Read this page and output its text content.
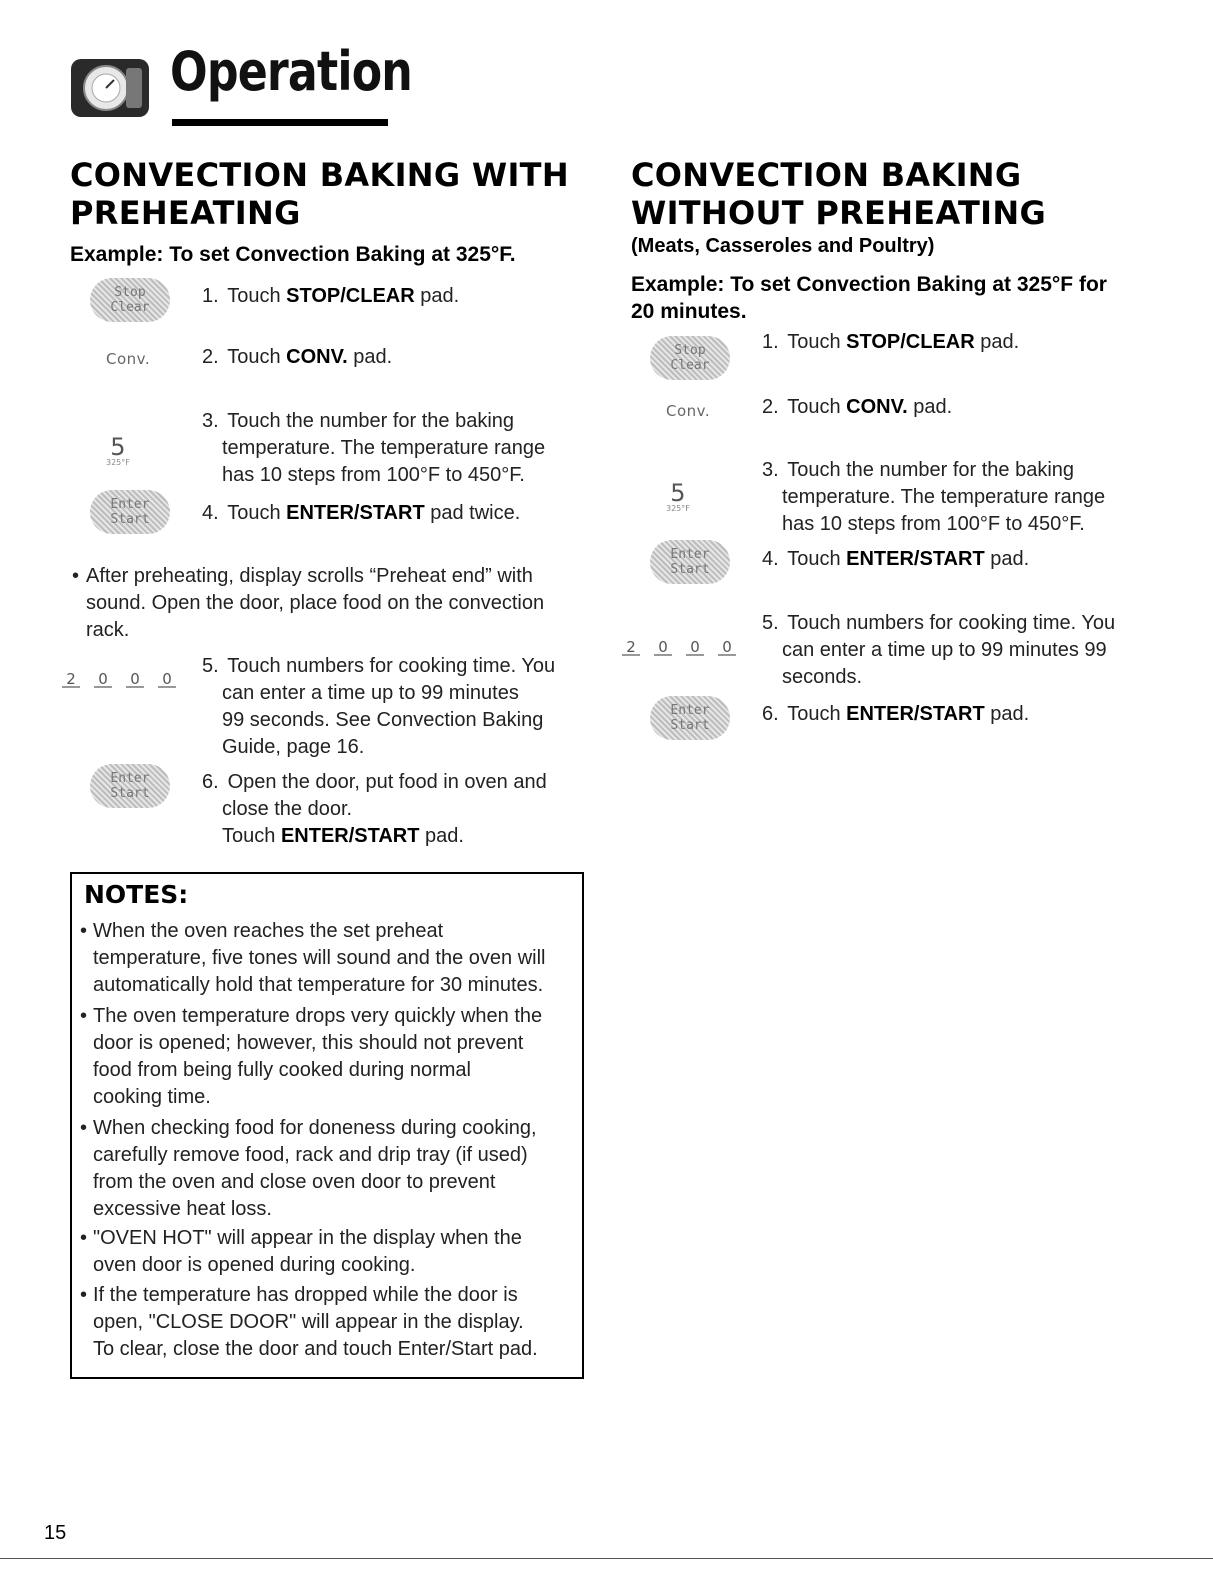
Operation
CONVECTION BAKING WITH
PREHEATING
Example: To set Convection Baking at 325°F.
Stop
Clear
1. Touch STOP/CLEAR pad.
Conv.	2. Touch CONV. pad.
5
325°F
3. Touch the number for the baking
temperature. The temperature range
has 10 steps from 100°F to 450°F.
Enter
Start	4. Touch ENTER/START pad twice.
• After preheating, display scrolls “Preheat end” with
sound. Open the door, place food on the convection
rack.
2 0 0 0
5. Touch numbers for cooking time. You
can enter a time up to 99 minutes
99 seconds. See Convection Baking
Guide, page 16.
Enter
Start
6. Open the door, put food in oven and
close the door.
Touch ENTER/START pad.
NOTES:
• When the oven reaches the set preheat
temperature, five tones will sound and the oven will
automatically hold that temperature for 30 minutes.
• The oven temperature drops very quickly when the
door is opened; however, this should not prevent
food from being fully cooked during normal
cooking time.
• When checking food for doneness during cooking,
carefully remove food, rack and drip tray (if used)
from the oven and close oven door to prevent
excessive heat loss.
• "OVEN HOT" will appear in the display when the
oven door is opened during cooking.
• If the temperature has dropped while the door is
open, "CLOSE DOOR" will appear in the display.
To clear, close the door and touch Enter/Start pad.
CONVECTION BAKING
WITHOUT PREHEATING
(Meats, Casseroles and Poultry)
Example: To set Convection Baking at 325°F for
20 minutes.
Stop
Clear
1. Touch STOP/CLEAR pad.
Conv.	2. Touch CONV. pad.
5
325°F
3. Touch the number for the baking
temperature. The temperature range
has 10 steps from 100°F to 450°F.
Enter
Start	4. Touch ENTER/START pad.
2 0 0 0
5. Touch numbers for cooking time. You
can enter a time up to 99 minutes 99
seconds.
Enter
Start
6. Touch ENTER/START pad.
15
